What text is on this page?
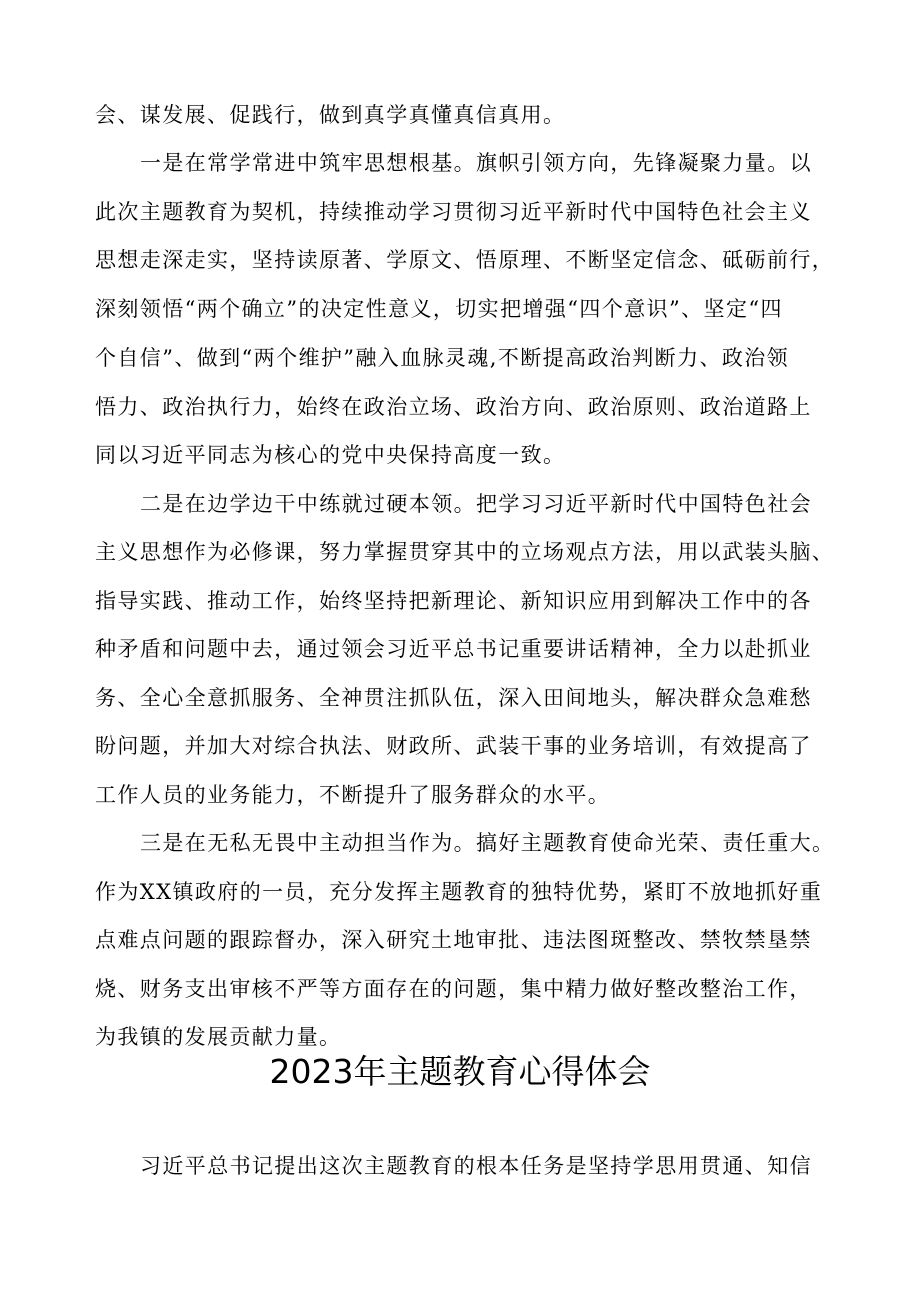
会、谋发展、促践行，做到真学真懂真信真用。
一是在常学常进中筑牢思想根基。旗帜引领方向，先锋凝聚力量。以
此次主题教育为契机，持续推动学习贯彻习近平新时代中国特色社会主义
思想走深走实，坚持读原著、学原文、悟原理、不断坚定信念、砥砺前行，
深刻领悟“两个确立”的决定性意义，切实把增强“四个意识”、坚定“四
个自信”、做到“两个维护”融入血脉灵魂,不断提高政治判断力、政治领
悟力、政治执行力，始终在政治立场、政治方向、政治原则、政治道路上
同以习近平同志为核心的党中央保持高度一致。
二是在边学边干中练就过硬本领。把学习习近平新时代中国特色社会
主义思想作为必修课，努力掌握贯穿其中的立场观点方法，用以武装头脑、
指导实践、推动工作，始终坚持把新理论、新知识应用到解决工作中的各
种矛盾和问题中去，通过领会习近平总书记重要讲话精神，全力以赴抓业
务、全心全意抓服务、全神贯注抓队伍，深入田间地头，解决群众急难愁
盼问题，并加大对综合执法、财政所、武装干事的业务培训，有效提高了
工作人员的业务能力，不断提升了服务群众的水平。
三是在无私无畏中主动担当作为。搞好主题教育使命光荣、责任重大。
作为XX镇政府的一员，充分发挥主题教育的独特优势，紧盯不放地抓好重
点难点问题的跟踪督办，深入研究土地审批、违法图斑整改、禁牧禁垦禁
烧、财务支出审核不严等方面存在的问题，集中精力做好整改整治工作，
为我镇的发展贡献力量。
2023年主题教育心得体会
习近平总书记提出这次主题教育的根本任务是坚持学思用贯通、知信
